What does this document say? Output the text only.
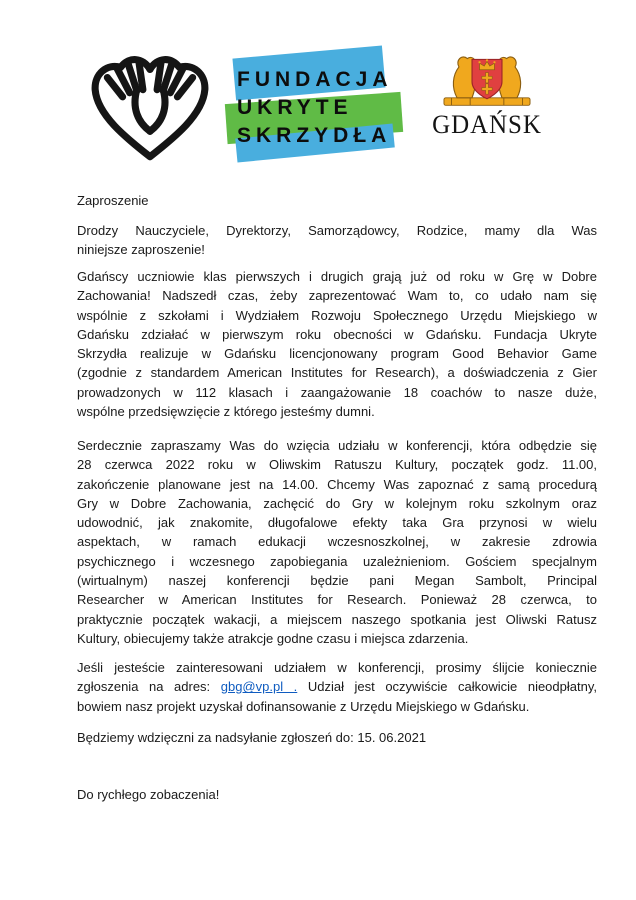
FUNDACJA
UKRYTE
SKRZYDŁA GDAŃSK
Zaproszenie
Drodzy Nauczyciele, Dyrektorzy, Samorządowcy, Rodzice, mamy dla Was
niniejsze zaproszenie!
Gdańscy uczniowie klas pierwszych i drugich grają już od roku w Grę w Dobre
Zachowania! Nadszedł czas, żeby zaprezentować Wam to, co udało nam się
wspólnie z szkołami i Wydziałem Rozwoju Społecznego Urzędu Miejskiego w
Gdańsku zdziałać w pierwszym roku obecności w Gdańsku. Fundacja Ukryte
Skrzydła realizuje w Gdańsku licencjonowany program Good Behavior Game
(zgodnie z standardem American Institutes for Research), a doświadczenia z Gier
prowadzonych w 112 klasach i zaangażowanie 18 coachów to nasze duże,
wspólne przedsięwzięcie z którego jesteśmy dumni.
Serdecznie zapraszamy Was do wzięcia udziału w konferencji, która odbędzie się
28 czerwca 2022 roku w Oliwskim Ratuszu Kultury, początek godz. 11.00,
zakończenie planowane jest na 14.00. Chcemy Was zapoznać z samą procedurą
Gry w Dobre Zachowania, zachęcić do Gry w kolejnym roku szkolnym oraz
udowodnić, jak znakomite, długofalowe efekty taka Gra przynosi w wielu
aspektach, w ramach edukacji wczesnoszkolnej, w zakresie zdrowia
psychicznego i wczesnego zapobiegania uzależnieniom. Gościem specjalnym
(wirtualnym) naszej konferencji będzie pani Megan Sambolt, Principal
Researcher w American Institutes for Research. Ponieważ 28 czerwca, to
praktycznie początek wakacji, a miejscem naszego spotkania jest Oliwski Ratusz
Kultury, obiecujemy także atrakcje godne czasu i miejsca zdarzenia.
Jeśli jesteście zainteresowani udziałem w konferencji, prosimy ślijcie koniecznie
zgłoszenia na adres: gbg@vp.pl . Udział jest oczywiście całkowicie nieodpłatny,
bowiem nasz projekt uzyskał dofinansowanie z Urzędu Miejskiego w Gdańsku.
Będziemy wdzięczni za nadsyłanie zgłoszeń do: 15. 06.2021
Do rychłego zobaczenia!
